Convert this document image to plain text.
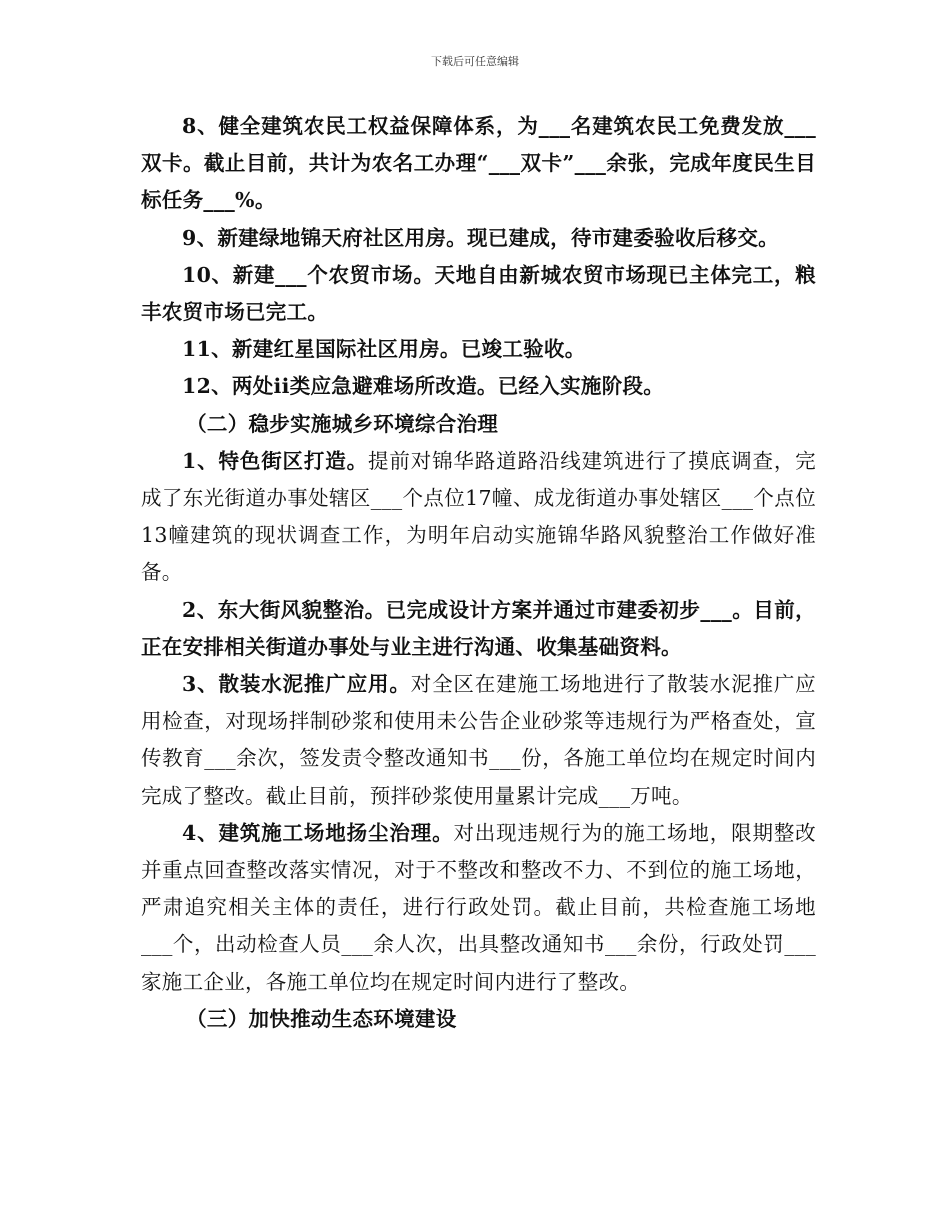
下载后可任意编辑

8、健全建筑农民工权益保障体系，为___名建筑农民工免费发放___双卡。截止目前，共计为农名工办理“___双卡”___余张，完成年度民生目标任务___%。

9、新建绿地锦天府社区用房。现已建成，待市建委验收后移交。

10、新建___个农贸市场。天地自由新城农贸市场现已主体完工，粮丰农贸市场已完工。

11、新建红星国际社区用房。已竣工验收。

12、两处ii类应急避难场所改造。已经入实施阶段。

（二）稳步实施城乡环境综合治理

1、特色街区打造。提前对锦华路道路沿线建筑进行了摸底调查，完成了东光街道办事处辖区___个点位17幢、成龙街道办事处辖区___个点位13幢建筑的现状调查工作，为明年启动实施锦华路风貌整治工作做好准备。

2、东大街风貌整治。已完成设计方案并通过市建委初步___。目前，正在安排相关街道办事处与业主进行沟通、收集基础资料。

3、散装水泥推广应用。对全区在建施工场地进行了散装水泥推广应用检查，对现场拌制砂浆和使用未公告企业砂浆等违规行为严格查处，宣传教育___余次，签发责令整改通知书___份，各施工单位均在规定时间内完成了整改。截止目前，预拌砂浆使用量累计完成___万吨。

4、建筑施工场地扬尘治理。对出现违规行为的施工场地，限期整改并重点回查整改落实情况，对于不整改和整改不力、不到位的施工场地，严肃追究相关主体的责任，进行行政处罚。截止目前，共检查施工场地___个，出动检查人员___余人次，出具整改通知书___余份，行政处罚___家施工企业，各施工单位均在规定时间内进行了整改。

（三）加快推动生态环境建设
